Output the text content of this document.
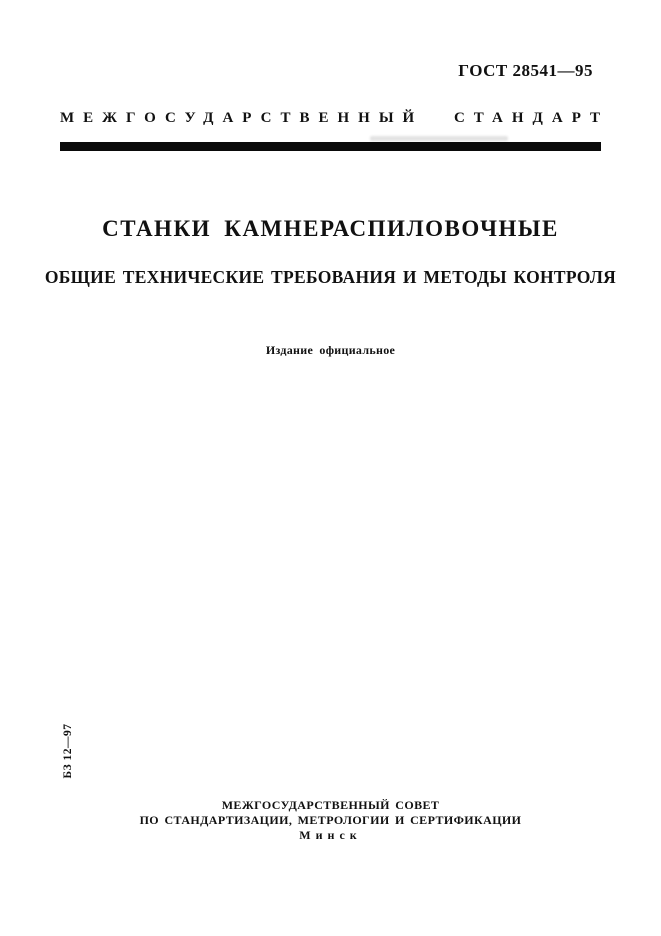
ГОСТ 28541—95
МЕЖГОСУДАРСТВЕННЫЙ СТАНДАРТ
СТАНКИ КАМНЕРАСПИЛОВОЧНЫЕ
ОБЩИЕ ТЕХНИЧЕСКИЕ ТРЕБОВАНИЯ И МЕТОДЫ КОНТРОЛЯ
Издание официальное
БЗ 12—97
МЕЖГОСУДАРСТВЕННЫЙ СОВЕТ
ПО СТАНДАРТИЗАЦИИ, МЕТРОЛОГИИ И СЕРТИФИКАЦИИ
Минск
